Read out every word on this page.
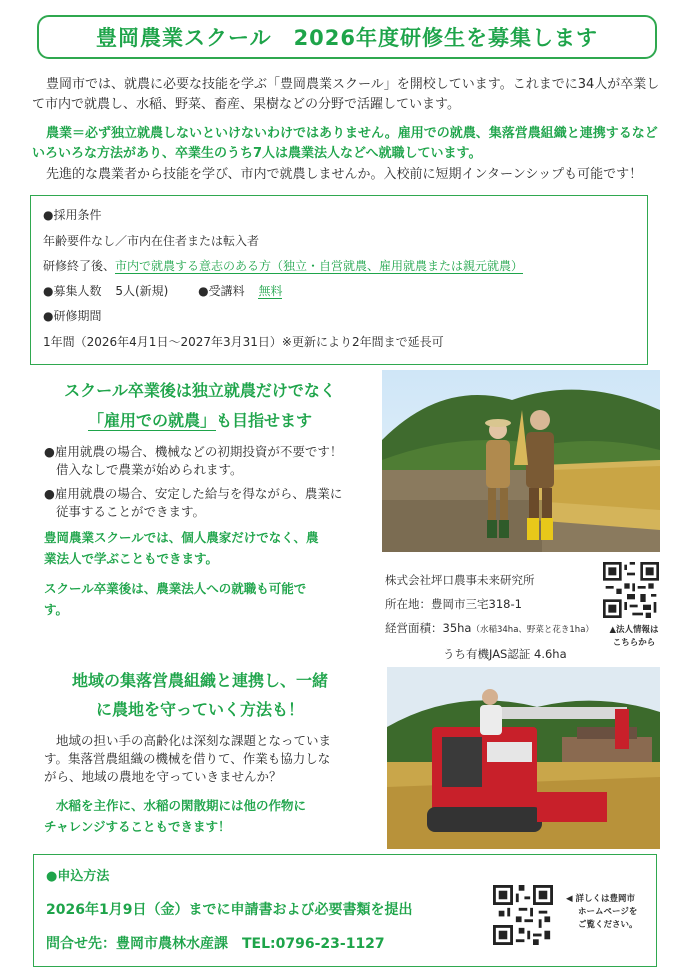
豊岡農業スクール　2026年度研修生を募集します

豊岡市では、就農に必要な技能を学ぶ「豊岡農業スクール」を開校しています。これまでに34人が卒業して市内で就農し、水稲、野菜、畜産、果樹などの分野で活躍しています。

農業＝必ず独立就農しないといけないわけではありません。雇用での就農、集落営農組織と連携するなどいろいろな方法があり、卒業生のうち7人は農業法人などへ就職しています。

先進的な農業者から技能を学び、市内で就農しませんか。入校前に短期インターンシップも可能です！

●採用条件
年齢要件なし／市内在住者または転入者
研修終了後、市内で就農する意志のある方（独立・自営就農、雇用就農または親元就農）
●募集人数 5人(新規) ●受講料 無料
●研修期間
1年間（2026年4月1日～2027年3月31日）※更新により2年間まで延長可
スクール卒業後は独立就農だけでなく
「雇用での就農」も目指せます
●雇用就農の場合、機械などの初期投資が不要です！
借入なしで農業が始められます。
●雇用就農の場合、安定した給与を得ながら、農業に
従事することができます。
豊岡農業スクールでは、個人農家だけでなく、農
業法人で学ぶこともできます。
スクール卒業後は、農業法人への就職も可能で
す。
株式会社坪口農事未来研究所
所在地：豊岡市三宅318-1
経営面積：35ha（水稲34ha、野菜と花き1ha）
うち有機JAS認証 4.6ha
▲法人情報は
こちらから
地域の集落営農組織と連携し、一緒
に農地を守っていく方法も！
地域の担い手の高齢化は深刻な課題となっていま
す。集落営農組織の機械を借りて、作業も協力しな
がら、地域の農地を守っていきませんか？
水稲を主作に、水稲の閑散期には他の作物に
チャレンジすることもできます！
●申込方法
2026年1月9日（金）までに申請書および必要書類を提出
問合せ先：豊岡市農林水産課　TEL:0796-23-1127
◀ 詳しくは豊岡市
ホームページを
ご覧ください。
